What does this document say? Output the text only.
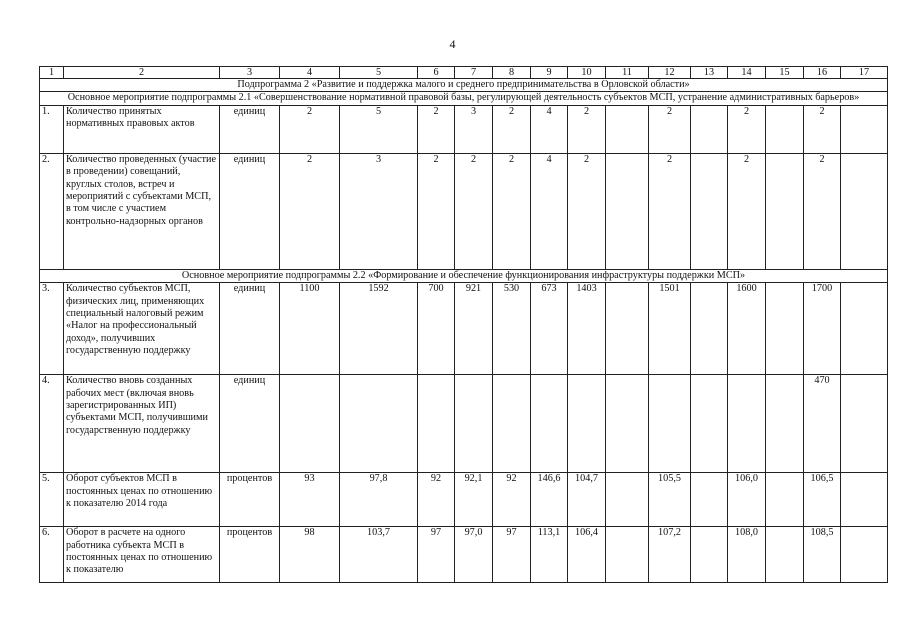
4
1	2	3	4	5	6	7	8	9	10	11	12	13	14	15	16	17
Подпрограмма 2 «Развитие и поддержка малого и среднего предпринимательства в Орловской области»																
Основное мероприятие подпрограммы 2.1 «Совершенствование нормативной правовой базы, регулирующей деятельность субъектов МСП, устранение административных барьеров»																
1.	Количество принятых нормативных правовых актов	единиц	2	5	2	3	2	4	2		2		2		2	
2.	Количество проведенных (участие в проведении) совещаний, круглых столов, встреч и мероприятий с субъектами МСП, в том числе с участием контрольно-надзорных органов	единиц	2	3	2	2	2	4	2		2		2		2	
Основное мероприятие подпрограммы 2.2 «Формирование и обеспечение функционирования инфраструктуры поддержки МСП»																
3.	Количество субъектов МСП, физических лиц, применяющих специальный налоговый режим «Налог на профессиональный доход», получивших государственную поддержку	единиц	1100	1592	700	921	530	673	1403		1501		1600		1700	
4.	Количество вновь созданных рабочих мест (включая вновь зарегистрированных ИП) субъектами МСП, получившими государственную поддержку	единиц													470	
5.	Оборот субъектов МСП в постоянных ценах по отношению к показателю 2014 года	процентов	93	97,8	92	92,1	92	146,6	104,7		105,5		106,0		106,5	
6.	Оборот в расчете на одного работника субъекта МСП в постоянных ценах по отношению к показателю	процентов	98	103,7	97	97,0	97	113,1	106,4		107,2		108,0		108,5	
